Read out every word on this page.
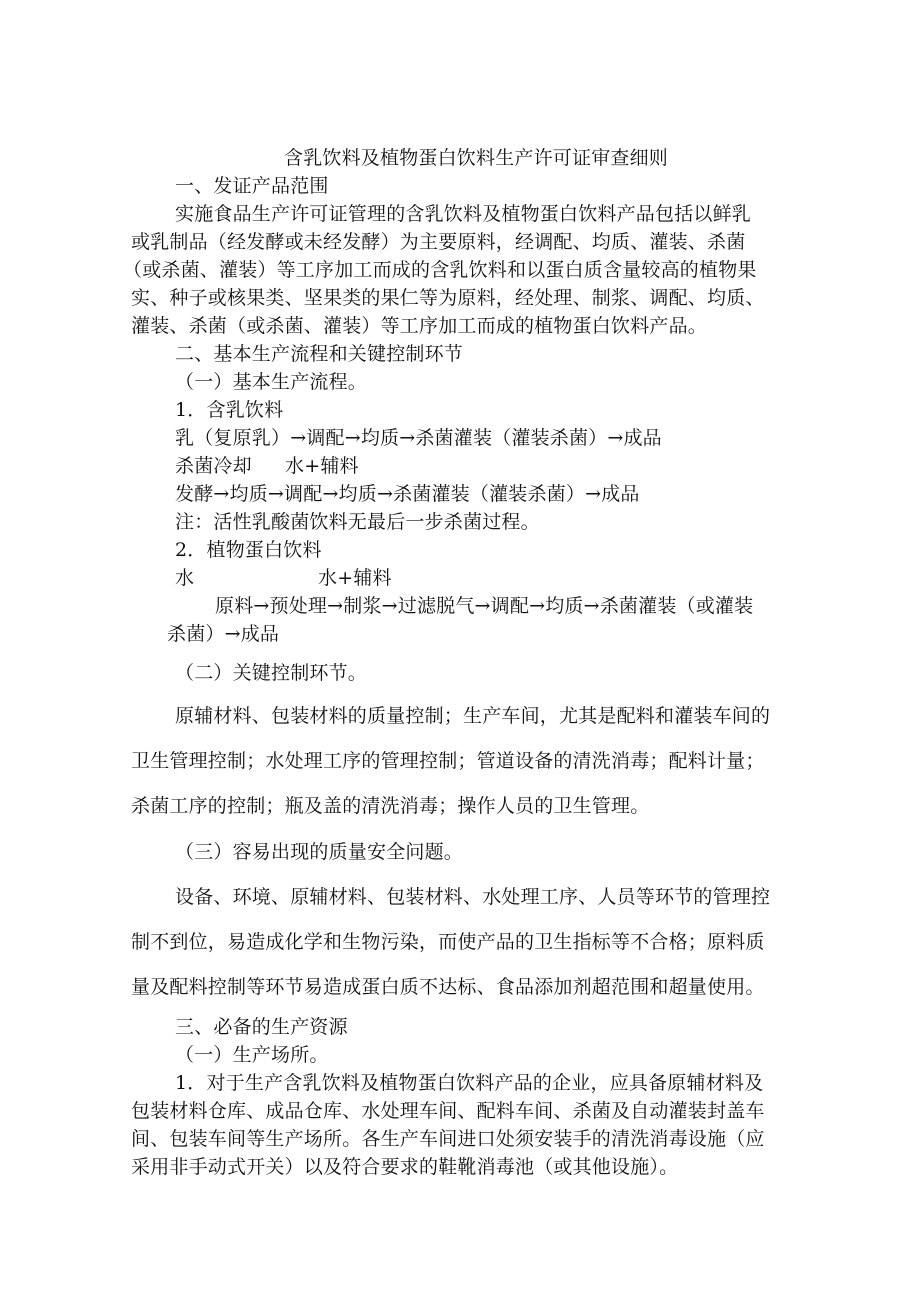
含乳饮料及植物蛋白饮料生产许可证审查细则
一、发证产品范围
实施食品生产许可证管理的含乳饮料及植物蛋白饮料产品包括以鲜乳
或乳制品（经发酵或未经发酵）为主要原料，经调配、均质、灌装、杀菌
（或杀菌、灌装）等工序加工而成的含乳饮料和以蛋白质含量较高的植物果
实、种子或核果类、坚果类的果仁等为原料，经处理、制浆、调配、均质、
灌装、杀菌（或杀菌、灌装）等工序加工而成的植物蛋白饮料产品。
二、基本生产流程和关键控制环节
（一）基本生产流程。
1．含乳饮料
乳（复原乳）→调配→均质→杀菌灌装（灌装杀菌）→成品
杀菌冷却 水+辅料
发酵→均质→调配→均质→杀菌灌装（灌装杀菌）→成品
注：活性乳酸菌饮料无最后一步杀菌过程。
2．植物蛋白饮料
水	水+辅料
原料→预处理→制浆→过滤脱气→调配→均质→杀菌灌装（或灌装
杀菌）→成品
（二）关键控制环节。
原辅材料、包装材料的质量控制；生产车间，尤其是配料和灌装车间的
卫生管理控制；水处理工序的管理控制；管道设备的清洗消毒；配料计量；
杀菌工序的控制；瓶及盖的清洗消毒；操作人员的卫生管理。
（三）容易出现的质量安全问题。
设备、环境、原辅材料、包装材料、水处理工序、人员等环节的管理控
制不到位，易造成化学和生物污染，而使产品的卫生指标等不合格；原料质
量及配料控制等环节易造成蛋白质不达标、食品添加剂超范围和超量使用。
三、必备的生产资源
（一）生产场所。
1．对于生产含乳饮料及植物蛋白饮料产品的企业，应具备原辅材料及
包装材料仓库、成品仓库、水处理车间、配料车间、杀菌及自动灌装封盖车
间、包装车间等生产场所。各生产车间进口处须安装手的清洗消毒设施（应
采用非手动式开关）以及符合要求的鞋靴消毒池（或其他设施）。
